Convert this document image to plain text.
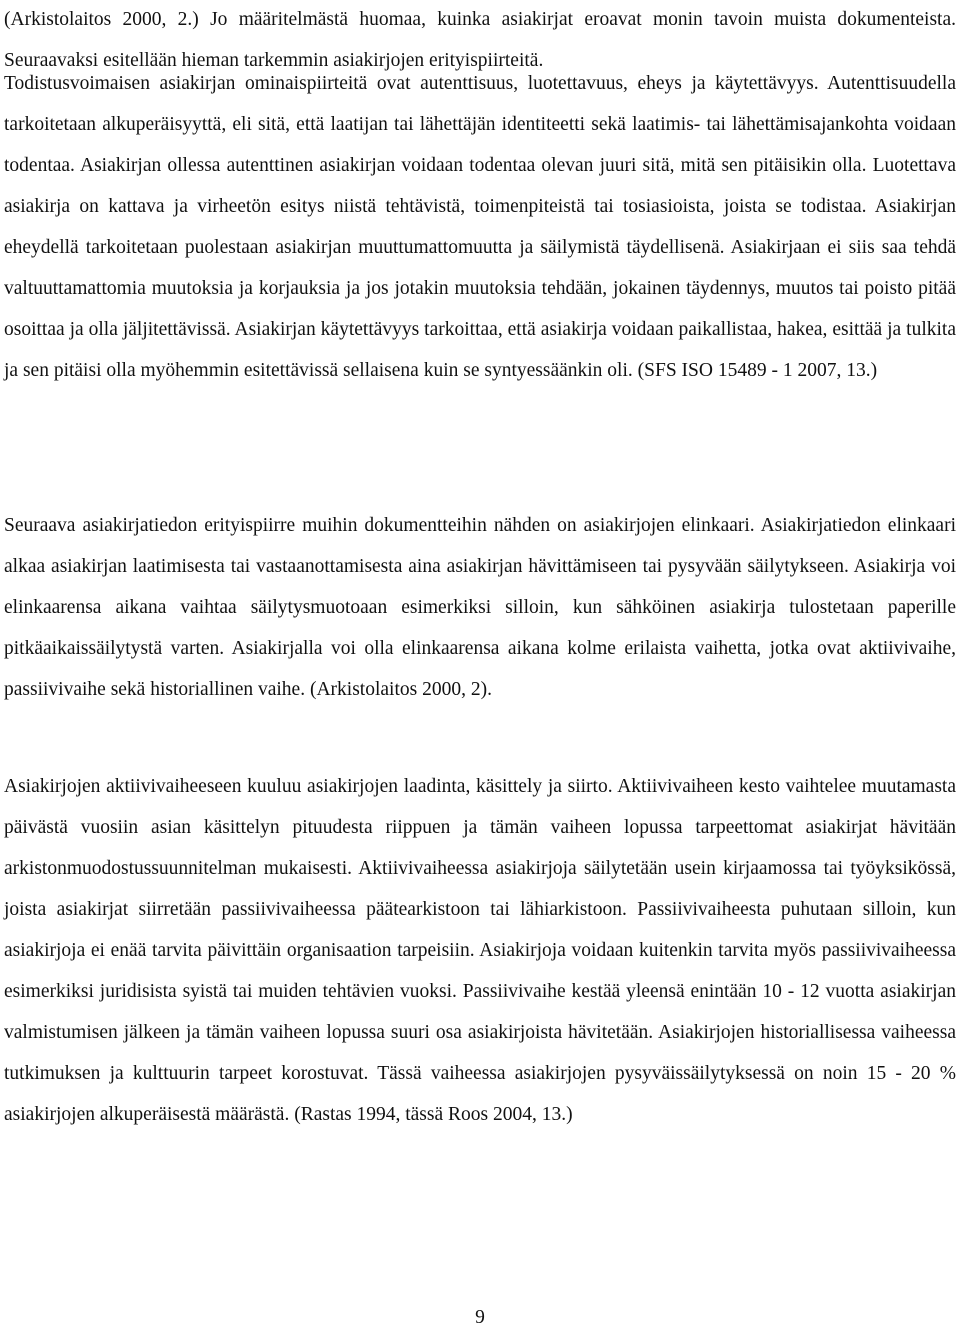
(Arkistolaitos 2000, 2.) Jo määritelmästä huomaa, kuinka asiakirjat eroavat monin tavoin muista dokumenteista. Seuraavaksi esitellään hieman tarkemmin asiakirjojen erityispiirteitä.

Todistusvoimaisen asiakirjan ominaispiirteitä ovat autenttisuus, luotettavuus, eheys ja käytettävyys. Autenttisuudella tarkoitetaan alkuperäisyyttä, eli sitä, että laatijan tai lähettäjän identiteetti sekä laatimis- tai lähettämisajankohta voidaan todentaa. Asiakirjan ollessa autenttinen asiakirjan voidaan todentaa olevan juuri sitä, mitä sen pitäisikin olla. Luotettava asiakirja on kattava ja virheetön esitys niistä tehtävistä, toimenpiteistä tai tosiasioista, joista se todistaa. Asiakirjan eheydellä tarkoitetaan puolestaan asiakirjan muuttumattomuutta ja säilymistä täydellisenä. Asiakirjaan ei siis saa tehdä valtuuttamattomia muutoksia ja korjauksia ja jos jotakin muutoksia tehdään, jokainen täydennys, muutos tai poisto pitää osoittaa ja olla jäljitettävissä. Asiakirjan käytettävyys tarkoittaa, että asiakirja voidaan paikallistaa, hakea, esittää ja tulkita ja sen pitäisi olla myöhemmin esitettävissä sellaisena kuin se syntyessäänkin oli. (SFS ISO 15489 - 1 2007, 13.)

Seuraava asiakirjatiedon erityispiirre muihin dokumentteihin nähden on asiakirjojen elinkaari. Asiakirjatiedon elinkaari alkaa asiakirjan laatimisesta tai vastaanottamisesta aina asiakirjan hävittämiseen tai pysyvään säilytykseen. Asiakirja voi elinkaarensa aikana vaihtaa säilytysmuotoaan esimerkiksi silloin, kun sähköinen asiakirja tulostetaan paperille pitkäaikaissäilytystä varten. Asiakirjalla voi olla elinkaarensa aikana kolme erilaista vaihetta, jotka ovat aktiivivaihe, passiivivaihe sekä historiallinen vaihe. (Arkistolaitos 2000, 2).

Asiakirjojen aktiivivaiheeseen kuuluu asiakirjojen laadinta, käsittely ja siirto. Aktiivivaiheen kesto vaihtelee muutamasta päivästä vuosiin asian käsittelyn pituudesta riippuen ja tämän vaiheen lopussa tarpeettomat asiakirjat hävitään arkistonmuodostussuunnitelman mukaisesti. Aktiivivaiheessa asiakirjoja säilytetään usein kirjaamossa tai työyksikössä, joista asiakirjat siirretään passiivivaiheessa päätearkistoon tai lähiarkistoon. Passiivivaiheesta puhutaan silloin, kun asiakirjoja ei enää tarvita päivittäin organisaation tarpeisiin. Asiakirjoja voidaan kuitenkin tarvita myös passiivivaiheessa esimerkiksi juridisista syistä tai muiden tehtävien vuoksi. Passiivivaihe kestää yleensä enintään 10 - 12 vuotta asiakirjan valmistumisen jälkeen ja tämän vaiheen lopussa suuri osa asiakirjoista hävitetään. Asiakirjojen historiallisessa vaiheessa tutkimuksen ja kulttuurin tarpeet korostuvat. Tässä vaiheessa asiakirjojen pysyväissäilytyksessä on noin 15 - 20 % asiakirjojen alkuperäisestä määrästä. (Rastas 1994, tässä Roos 2004, 13.)

9
